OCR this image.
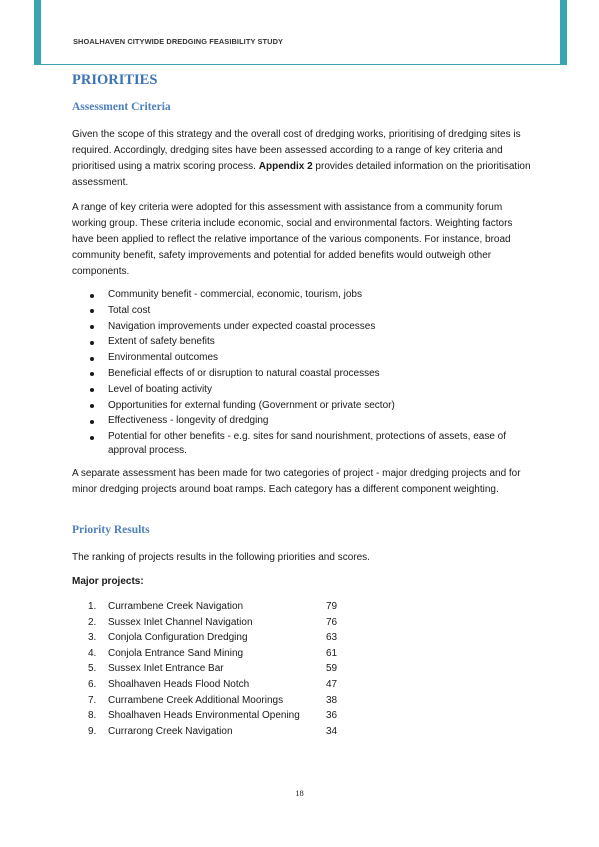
SHOALHAVEN CITYWIDE DREDGING FEASIBILITY STUDY
PRIORITIES
Assessment Criteria

Given the scope of this strategy and the overall cost of dredging works, prioritising of dredging sites is required. Accordingly, dredging sites have been assessed according to a range of key criteria and prioritised using a matrix scoring process. Appendix 2 provides detailed information on the prioritisation assessment.

A range of key criteria were adopted for this assessment with assistance from a community forum working group. These criteria include economic, social and environmental factors. Weighting factors have been applied to reflect the relative importance of the various components. For instance, broad community benefit, safety improvements and potential for added benefits would outweigh other components.

Community benefit - commercial, economic, tourism, jobs
Total cost
Navigation improvements under expected coastal processes
Extent of safety benefits
Environmental outcomes
Beneficial effects of or disruption to natural coastal processes
Level of boating activity
Opportunities for external funding (Government or private sector)
Effectiveness - longevity of dredging
Potential for other benefits - e.g. sites for sand nourishment, protections of assets, ease of approval process.

A separate assessment has been made for two categories of project - major dredging projects and for minor dredging projects around boat ramps. Each category has a different component weighting.

Priority Results

The ranking of projects results in the following priorities and scores.

Major projects:
1.	Currambene Creek Navigation	79
2.	Sussex Inlet Channel Navigation	76
3.	Conjola Configuration Dredging	63
4.	Conjola Entrance Sand Mining	61
5.	Sussex Inlet Entrance Bar	59
6.	Shoalhaven Heads Flood Notch	47
7.	Currambene Creek Additional Moorings	38
8.	Shoalhaven Heads Environmental Opening	36
9.	Currarong Creek Navigation	34
18
